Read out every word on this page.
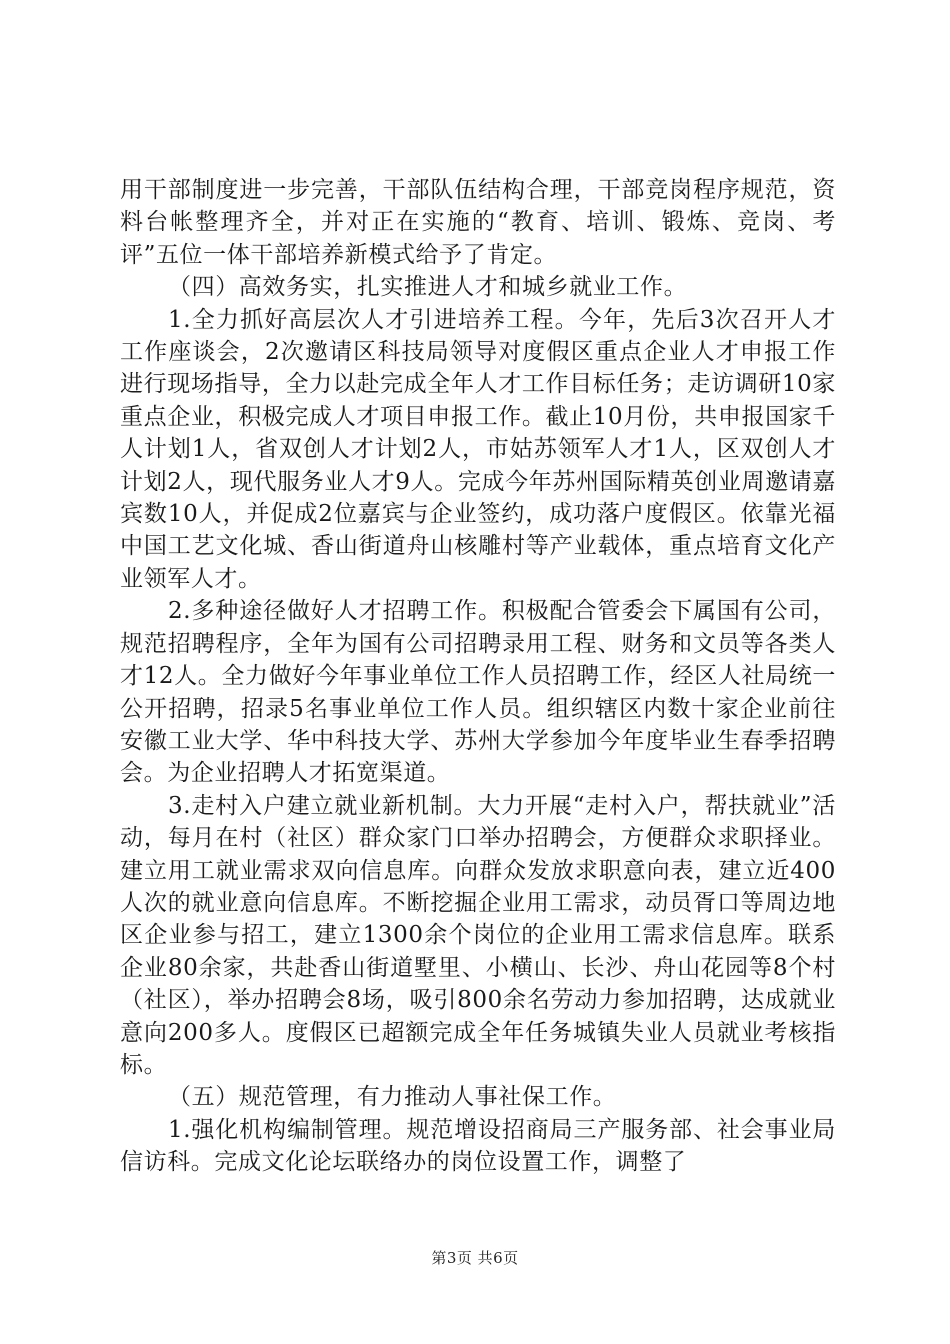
用干部制度进一步完善，干部队伍结构合理，干部竞岗程序规范，资料台帐整理齐全，并对正在实施的“教育、培训、锻炼、竞岗、考评”五位一体干部培养新模式给予了肯定。

（四）高效务实，扎实推进人才和城乡就业工作。

1.全力抓好高层次人才引进培养工程。今年，先后3次召开人才工作座谈会，2次邀请区科技局领导对度假区重点企业人才申报工作进行现场指导，全力以赴完成全年人才工作目标任务；走访调研10家重点企业，积极完成人才项目申报工作。截止10月份，共申报国家千人计划1人，省双创人才计划2人，市姑苏领军人才1人，区双创人才计划2人，现代服务业人才9人。完成今年苏州国际精英创业周邀请嘉宾数10人，并促成2位嘉宾与企业签约，成功落户度假区。依靠光福中国工艺文化城、香山街道舟山核雕村等产业载体，重点培育文化产业领军人才。

2.多种途径做好人才招聘工作。积极配合管委会下属国有公司，规范招聘程序，全年为国有公司招聘录用工程、财务和文员等各类人才12人。全力做好今年事业单位工作人员招聘工作，经区人社局统一公开招聘，招录5名事业单位工作人员。组织辖区内数十家企业前往安徽工业大学、华中科技大学、苏州大学参加今年度毕业生春季招聘会。为企业招聘人才拓宽渠道。

3.走村入户建立就业新机制。大力开展“走村入户，帮扶就业”活动，每月在村（社区）群众家门口举办招聘会，方便群众求职择业。建立用工就业需求双向信息库。向群众发放求职意向表，建立近400人次的就业意向信息库。不断挖掘企业用工需求，动员胥口等周边地区企业参与招工，建立1300余个岗位的企业用工需求信息库。联系企业80余家，共赴香山街道墅里、小横山、长沙、舟山花园等8个村（社区），举办招聘会8场，吸引800余名劳动力参加招聘，达成就业意向200多人。度假区已超额完成全年任务城镇失业人员就业考核指标。

（五）规范管理，有力推动人事社保工作。

1.强化机构编制管理。规范增设招商局三产服务部、社会事业局信访科。完成文化论坛联络办的岗位设置工作，调整了

第3页 共6页
